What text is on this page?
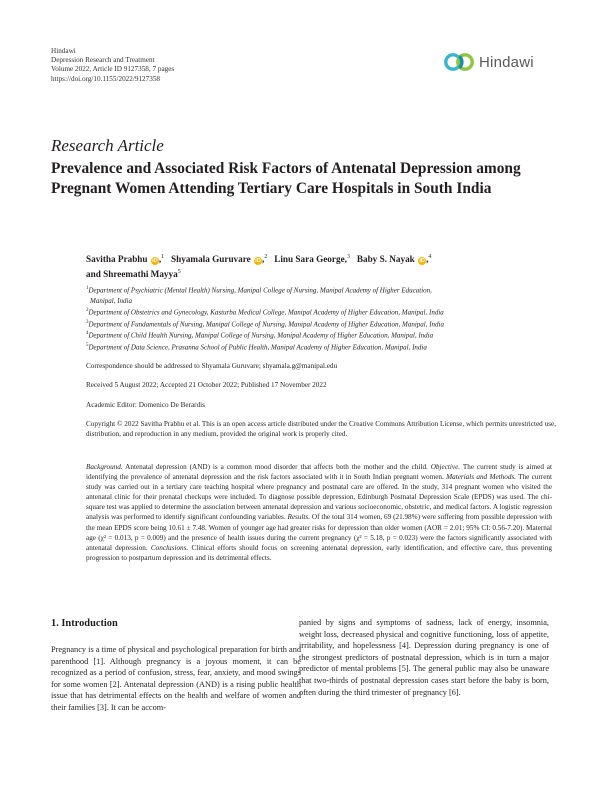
Hindawi
Depression Research and Treatment
Volume 2022, Article ID 9127358, 7 pages
https://doi.org/10.1155/2022/9127358
Hindawi
Research Article
Prevalence and Associated Risk Factors of Antenatal Depression among Pregnant Women Attending Tertiary Care Hospitals in South India
Savitha Prabhu iD,$^1$ Shyamala Guruvare iD,$^2$ Linu Sara George,$^3$ Baby S. Nayak iD,$^4$
and Shreemathi Mayya$^5$
$^1$Department of Psychiatric (Mental Health) Nursing, Manipal College of Nursing, Manipal Academy of Higher Education,
Manipal, India
$^2$Department of Obstetrics and Gynecology, Kasturba Medical College, Manipal Academy of Higher Education, Manipal, India
$^3$Department of Fundamentals of Nursing, Manipal College of Nursing, Manipal Academy of Higher Education, Manipal, India
$^4$Department of Child Health Nursing, Manipal College of Nursing, Manipal Academy of Higher Education, Manipal, India
$^5$Department of Data Science, Prasanna School of Public Health, Manipal Academy of Higher Education, Manipal, India
Correspondence should be addressed to Shyamala Guruvare; shyamala.g@manipal.edu
Received 5 August 2022; Accepted 21 October 2022; Published 17 November 2022
Academic Editor: Domenico De Berardis
Copyright © 2022 Savitha Prabhu et al. This is an open access article distributed under the Creative Commons Attribution License, which permits unrestricted use, distribution, and reproduction in any medium, provided the original work is properly cited.
Background. Antenatal depression (AND) is a common mood disorder that affects both the mother and the child. Objective. The current study is aimed at identifying the prevalence of antenatal depression and the risk factors associated with it in South Indian pregnant women. Materials and Methods. The current study was carried out in a tertiary care teaching hospital where pregnancy and postnatal care are offered. In the study, 314 pregnant women who visited the antenatal clinic for their prenatal checkups were included. To diagnose possible depression, Edinburgh Postnatal Depression Scale (EPDS) was used. The chi-square test was applied to determine the association between antenatal depression and various socioeconomic, obstetric, and medical factors. A logistic regression analysis was performed to identify significant confounding variables. Results. Of the total 314 women, 69 (21.98%) were suffering from possible depression with the mean EPDS score being 10.61 ± 7.48. Women of younger age had greater risks for depression than older women (AOR = 2.01; 95% CI: 0.56-7.20). Maternal age (χ² = 0.013, p = 0.009) and the presence of health issues during the current pregnancy (χ² = 5.18, p = 0.023) were the factors significantly associated with antenatal depression. Conclusions. Clinical efforts should focus on screening antenatal depression, early identification, and effective care, thus preventing progression to postpartum depression and its detrimental effects.
1. Introduction

Pregnancy is a time of physical and psychological preparation for birth and parenthood [1]. Although pregnancy is a joyous moment, it can be recognized as a period of confusion, stress, fear, anxiety, and mood swings for some women [2]. Antenatal depression (AND) is a rising public health issue that has detrimental effects on the health and welfare of women and their families [3]. It can be accom-

panied by signs and symptoms of sadness, lack of energy, insomnia, weight loss, decreased physical and cognitive functioning, loss of appetite, irritability, and hopelessness [4]. Depression during pregnancy is one of the strongest predictors of postnatal depression, which is in turn a major predictor of mental problems [5]. The general public may also be unaware that two-thirds of postnatal depression cases start before the baby is born, often during the third trimester of pregnancy [6].
